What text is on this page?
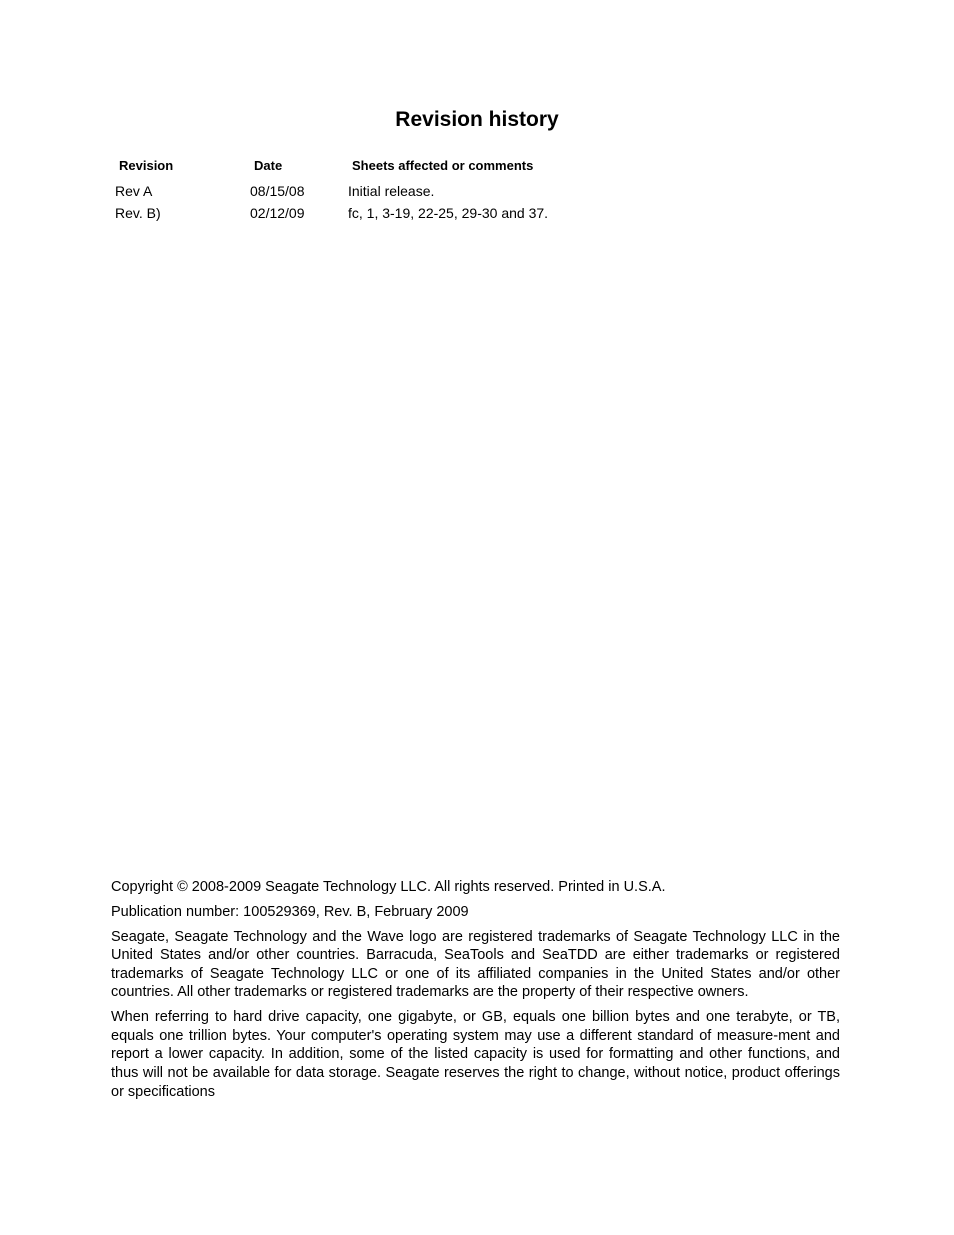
Revision history
Revision	Date	Sheets affected or comments
Rev A	08/15/08	Initial release.
Rev. B)	02/12/09	fc, 1, 3-19, 22-25, 29-30 and 37.

Copyright © 2008-2009 Seagate Technology LLC. All rights reserved. Printed in U.S.A.

Publication number: 100529369, Rev. B, February 2009

Seagate, Seagate Technology and the Wave logo are registered trademarks of Seagate Technology LLC in the United States and/or other countries. Barracuda, SeaTools and SeaTDD are either trademarks or registered trademarks of Seagate Technology LLC or one of its affiliated companies in the United States and/or other countries. All other trademarks or registered trademarks are the property of their respective owners.

When referring to hard drive capacity, one gigabyte, or GB, equals one billion bytes and one terabyte, or TB, equals one trillion bytes. Your computer's operating system may use a different standard of measure-ment and report a lower capacity. In addition, some of the listed capacity is used for formatting and other functions, and thus will not be available for data storage. Seagate reserves the right to change, without notice, product offerings or specifications
